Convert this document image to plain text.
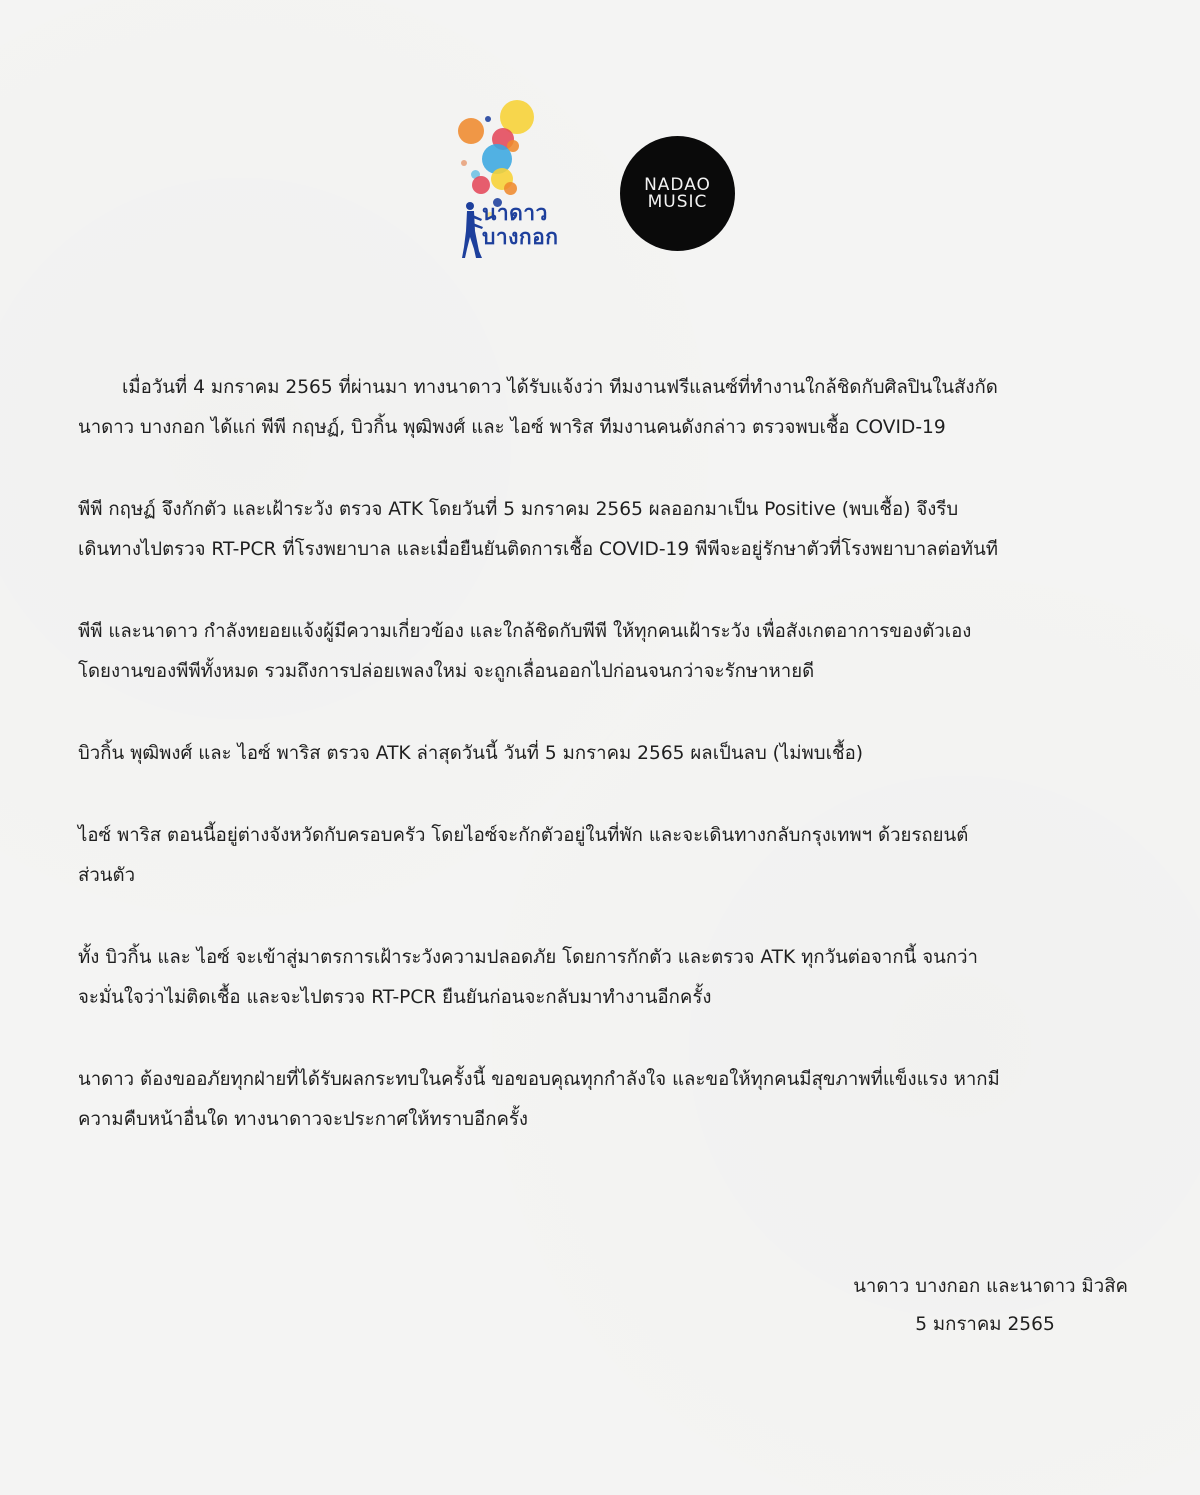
นาดาว
บางกอก
NADAO
MUSIC

เมื่อวันที่ 4 มกราคม 2565 ที่ผ่านมา ทางนาดาว ได้รับแจ้งว่า ทีมงานฟรีแลนซ์ที่ทำงานใกล้ชิดกับศิลปินในสังกัด
นาดาว บางกอก ได้แก่ พีพี กฤษฏ์, บิวกิ้น พุฒิพงศ์ และ ไอซ์ พาริส ทีมงานคนดังกล่าว ตรวจพบเชื้อ COVID-19

พีพี กฤษฏ์ จึงกักตัว และเฝ้าระวัง ตรวจ ATK โดยวันที่ 5 มกราคม 2565 ผลออกมาเป็น Positive (พบเชื้อ) จึงรีบ
เดินทางไปตรวจ RT-PCR ที่โรงพยาบาล และเมื่อยืนยันติดการเชื้อ COVID-19 พีพีจะอยู่รักษาตัวที่โรงพยาบาลต่อทันที

พีพี และนาดาว กำลังทยอยแจ้งผู้มีความเกี่ยวข้อง และใกล้ชิดกับพีพี ให้ทุกคนเฝ้าระวัง เพื่อสังเกตอาการของตัวเอง
โดยงานของพีพีทั้งหมด รวมถึงการปล่อยเพลงใหม่ จะถูกเลื่อนออกไปก่อนจนกว่าจะรักษาหายดี

บิวกิ้น พุฒิพงศ์ และ ไอซ์ พาริส ตรวจ ATK ล่าสุดวันนี้ วันที่ 5 มกราคม 2565 ผลเป็นลบ (ไม่พบเชื้อ)

ไอซ์ พาริส ตอนนี้อยู่ต่างจังหวัดกับครอบครัว โดยไอซ์จะกักตัวอยู่ในที่พัก และจะเดินทางกลับกรุงเทพฯ ด้วยรถยนต์
ส่วนตัว

ทั้ง บิวกิ้น และ ไอซ์ จะเข้าสู่มาตรการเฝ้าระวังความปลอดภัย โดยการกักตัว และตรวจ ATK ทุกวันต่อจากนี้ จนกว่า
จะมั่นใจว่าไม่ติดเชื้อ และจะไปตรวจ RT-PCR ยืนยันก่อนจะกลับมาทำงานอีกครั้ง

นาดาว ต้องขออภัยทุกฝ่ายที่ได้รับผลกระทบในครั้งนี้ ขอขอบคุณทุกกำลังใจ และขอให้ทุกคนมีสุขภาพที่แข็งแรง หากมี
ความคืบหน้าอื่นใด ทางนาดาวจะประกาศให้ทราบอีกครั้ง

นาดาว บางกอก และนาดาว มิวสิค
5 มกราคม 2565
